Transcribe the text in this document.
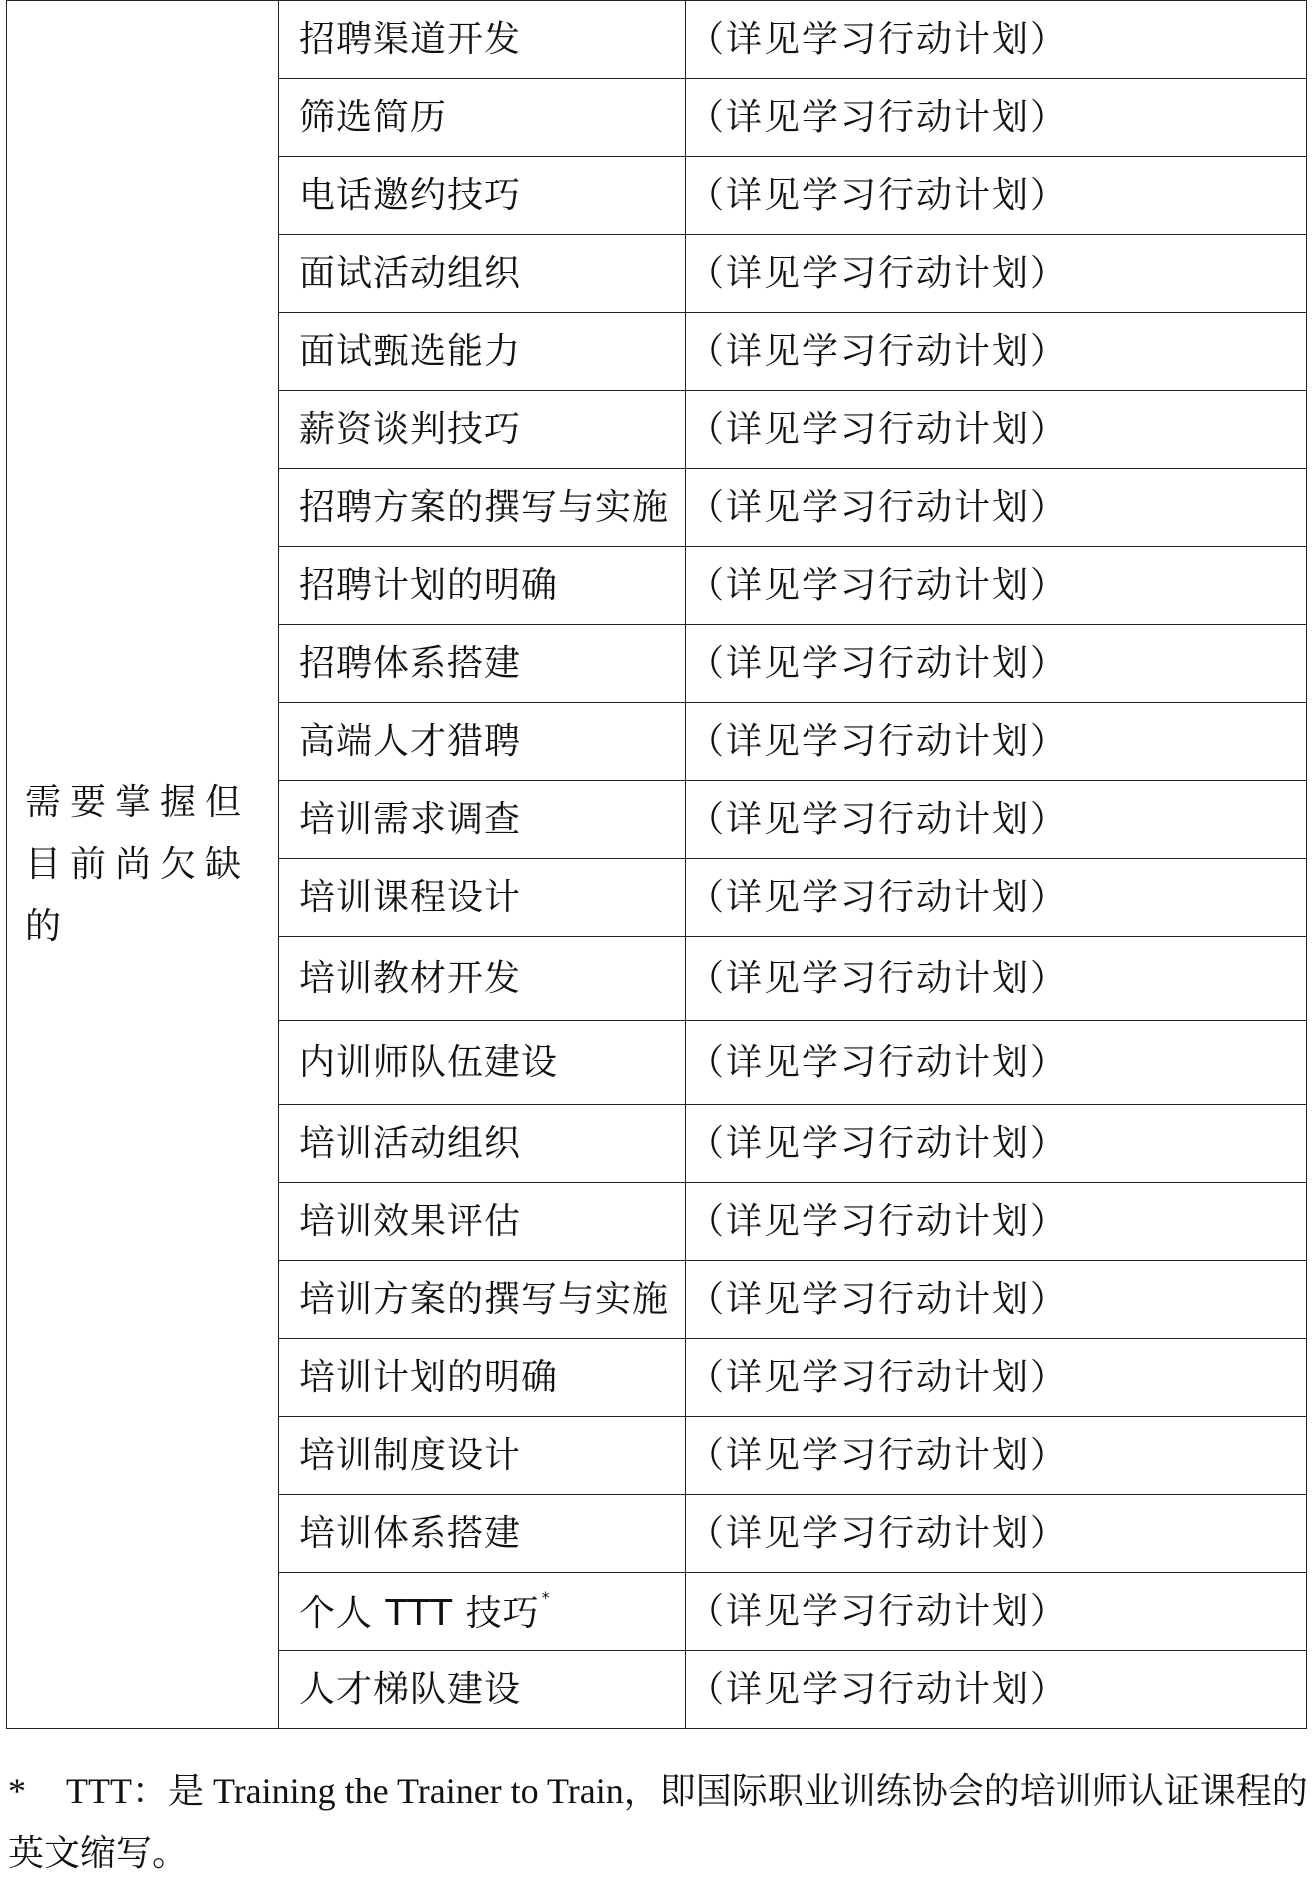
需要掌握但目前尚欠缺的	招聘渠道开发	（详见学习行动计划）
	筛选简历	（详见学习行动计划）
	电话邀约技巧	（详见学习行动计划）
	面试活动组织	（详见学习行动计划）
	面试甄选能力	（详见学习行动计划）
	薪资谈判技巧	（详见学习行动计划）
	招聘方案的撰写与实施	（详见学习行动计划）
	招聘计划的明确	（详见学习行动计划）
	招聘体系搭建	（详见学习行动计划）
	高端人才猎聘	（详见学习行动计划）
	培训需求调查	（详见学习行动计划）
	培训课程设计	（详见学习行动计划）
	培训教材开发	（详见学习行动计划）
	内训师队伍建设	（详见学习行动计划）
	培训活动组织	（详见学习行动计划）
	培训效果评估	（详见学习行动计划）
	培训方案的撰写与实施	（详见学习行动计划）
	培训计划的明确	（详见学习行动计划）
	培训制度设计	（详见学习行动计划）
	培训体系搭建	（详见学习行动计划）
	个人 TTT 技巧 *	（详见学习行动计划）
	人才梯队建设	（详见学习行动计划）
* TTT：是 Training the Trainer to Train，即国际职业训练协会的培训师认证课程的英文缩写。
